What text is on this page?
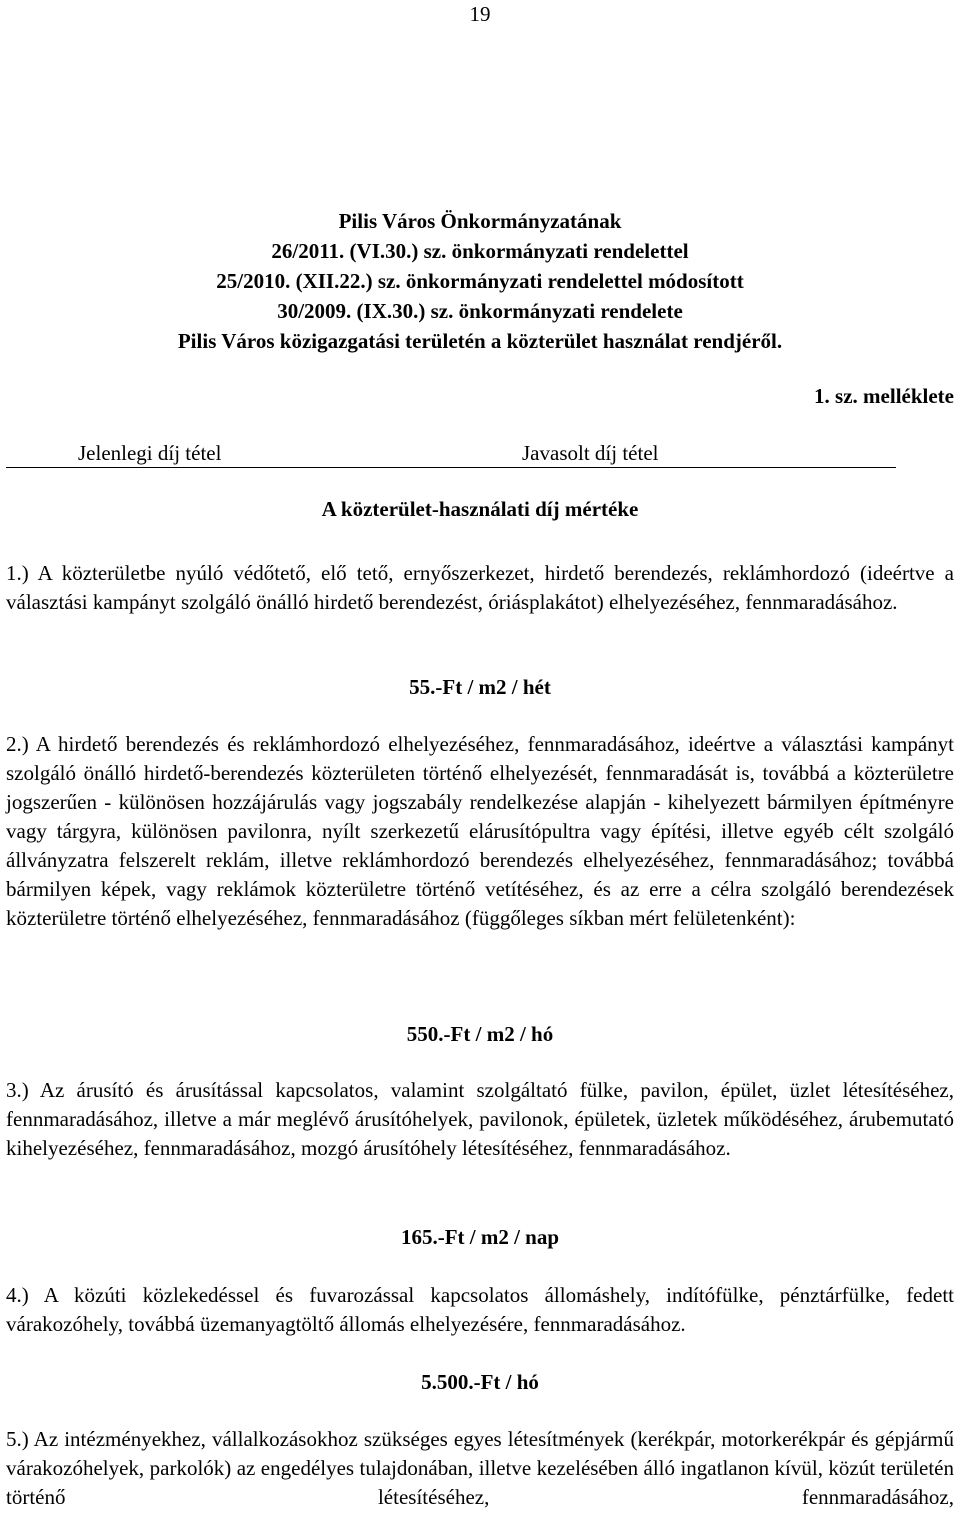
19
Pilis Város Önkormányzatának
26/2011. (VI.30.) sz. önkormányzati rendelettel
25/2010. (XII.22.) sz. önkormányzati rendelettel módosított
30/2009. (IX.30.) sz. önkormányzati rendelete
Pilis Város közigazgatási területén a közterület használat rendjéről.
1. sz. melléklete
Jelenlegi díj tétel	Javasolt díj tétel
A közterület-használati díj mértéke
1.) A közterületbe nyúló védőtető, elő tető, ernyőszerkezet, hirdető berendezés, reklámhordozó (ideértve a választási kampányt szolgáló önálló hirdető berendezést, óriásplakátot) elhelyezéséhez, fennmaradásához.
55.-Ft / m2 / hét
2.) A hirdető berendezés és reklámhordozó elhelyezéséhez, fennmaradásához, ideértve a választási kampányt szolgáló önálló hirdető-berendezés közterületen történő elhelyezését, fennmaradását is, továbbá a közterületre jogszerűen - különösen hozzájárulás vagy jogszabály rendelkezése alapján - kihelyezett bármilyen építményre vagy tárgyra, különösen pavilonra, nyílt szerkezetű elárusítópultra vagy építési, illetve egyéb célt szolgáló állványzatra felszerelt reklám, illetve reklámhordozó berendezés elhelyezéséhez, fennmaradásához; továbbá bármilyen képek, vagy reklámok közterületre történő vetítéséhez, és az erre a célra szolgáló berendezések közterületre történő elhelyezéséhez, fennmaradásához (függőleges síkban mért felületenként):
550.-Ft / m2 / hó
3.) Az árusító és árusítással kapcsolatos, valamint szolgáltató fülke, pavilon, épület, üzlet létesítéséhez, fennmaradásához, illetve a már meglévő árusítóhelyek, pavilonok, épületek, üzletek működéséhez, árubemutató kihelyezéséhez, fennmaradásához, mozgó árusítóhely létesítéséhez, fennmaradásához.
165.-Ft / m2 / nap
4.) A közúti közlekedéssel és fuvarozással kapcsolatos állomáshely, indítófülke, pénztárfülke, fedett várakozóhely, továbbá üzemanyagtöltő állomás elhelyezésére, fennmaradásához.
5.500.-Ft / hó
5.) Az intézményekhez, vállalkozásokhoz szükséges egyes létesítmények (kerékpár, motorkerékpár és gépjármű várakozóhelyek, parkolók) az engedélyes tulajdonában, illetve kezelésében álló ingatlanon kívül, közút területén történő létesítéséhez, fennmaradásához,
